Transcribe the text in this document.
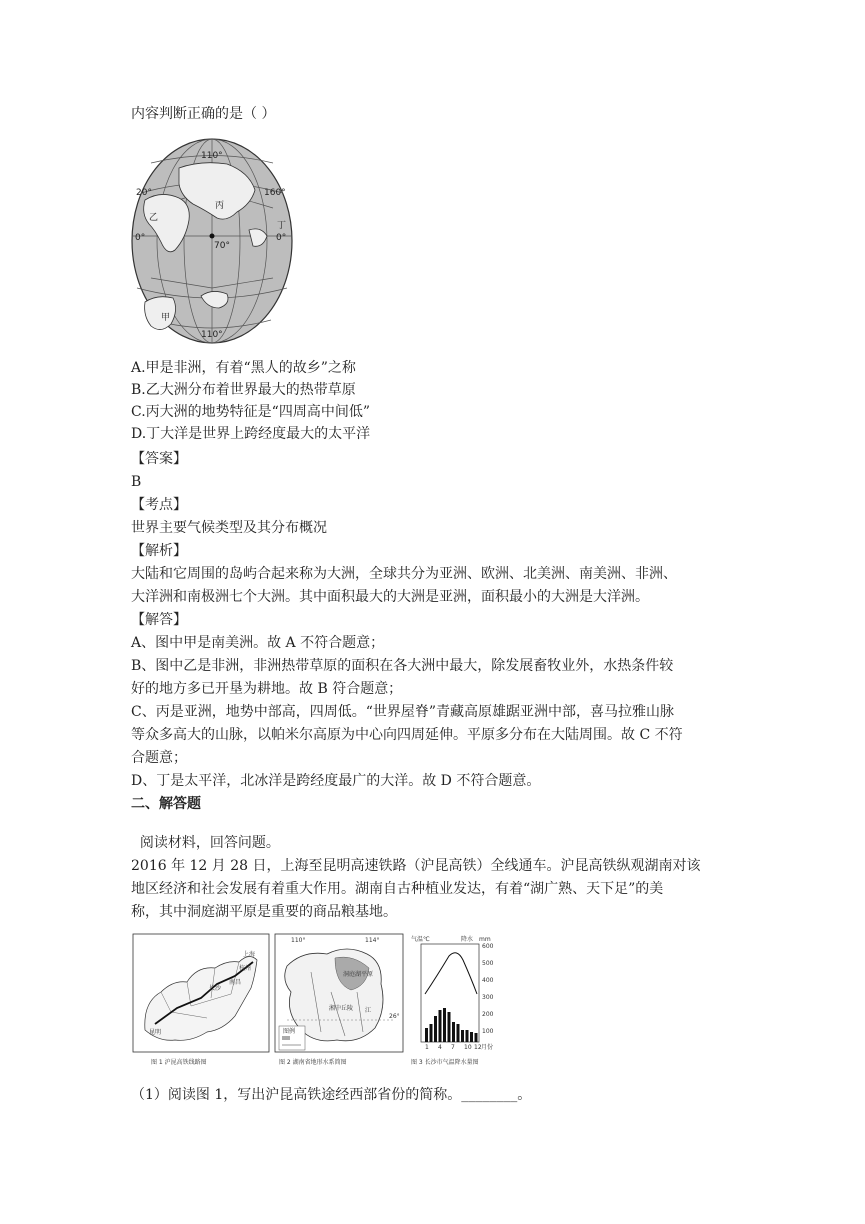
内容判断正确的是（ ）
110°
110°
160°
20°
0°	0°
70°
乙
丙
丁
甲
A.甲是非洲，有着“黑人的故乡”之称
B.乙大洲分布着世界最大的热带草原
C.丙大洲的地势特征是“四周高中间低”
D.丁大洋是世界上跨经度最大的太平洋
【答案】
B
【考点】
世界主要气候类型及其分布概况
【解析】
大陆和它周围的岛屿合起来称为大洲，全球共分为亚洲、欧洲、北美洲、南美洲、非洲、
大洋洲和南极洲七个大洲。其中面积最大的大洲是亚洲，面积最小的大洲是大洋洲。
【解答】
A、图中甲是南美洲。故 A 不符合题意；
B、图中乙是非洲，非洲热带草原的面积在各大洲中最大，除发展畜牧业外，水热条件较
好的地方多已开垦为耕地。故 B 符合题意；
C、丙是亚洲，地势中部高，四周低。“世界屋脊”青藏高原雄踞亚洲中部，喜马拉雅山脉
等众多高大的山脉，以帕米尔高原为中心向四周延伸。平原多分布在大陆周围。故 C 不符
合题意；
D、丁是太平洋，北冰洋是跨经度最广的大洋。故 D 不符合题意。
二、解答题
阅读材料，回答问题。
2016 年 12 月 28 日，上海至昆明高速铁路（沪昆高铁）全线通车。沪昆高铁纵观湖南对该
地区经济和社会发展有着重大作用。湖南自古种植业发达，有着“湖广熟、天下足”的美
称，其中洞庭湖平原是重要的商品粮基地。
上海
杭州
南昌
长沙
昆明
图 1 沪昆高铁线路图
110°	114°
26°
洞庭湖平原
湘中丘陵 江
图例
图 2 湖南省地形水系简图
气温℃	降水 mm
600
500
400
300
200
100
1 4 7 10 12 月份
图 3 长沙市气温降水量图
（1）阅读图 1，写出沪昆高铁途经西部省份的简称。________。
